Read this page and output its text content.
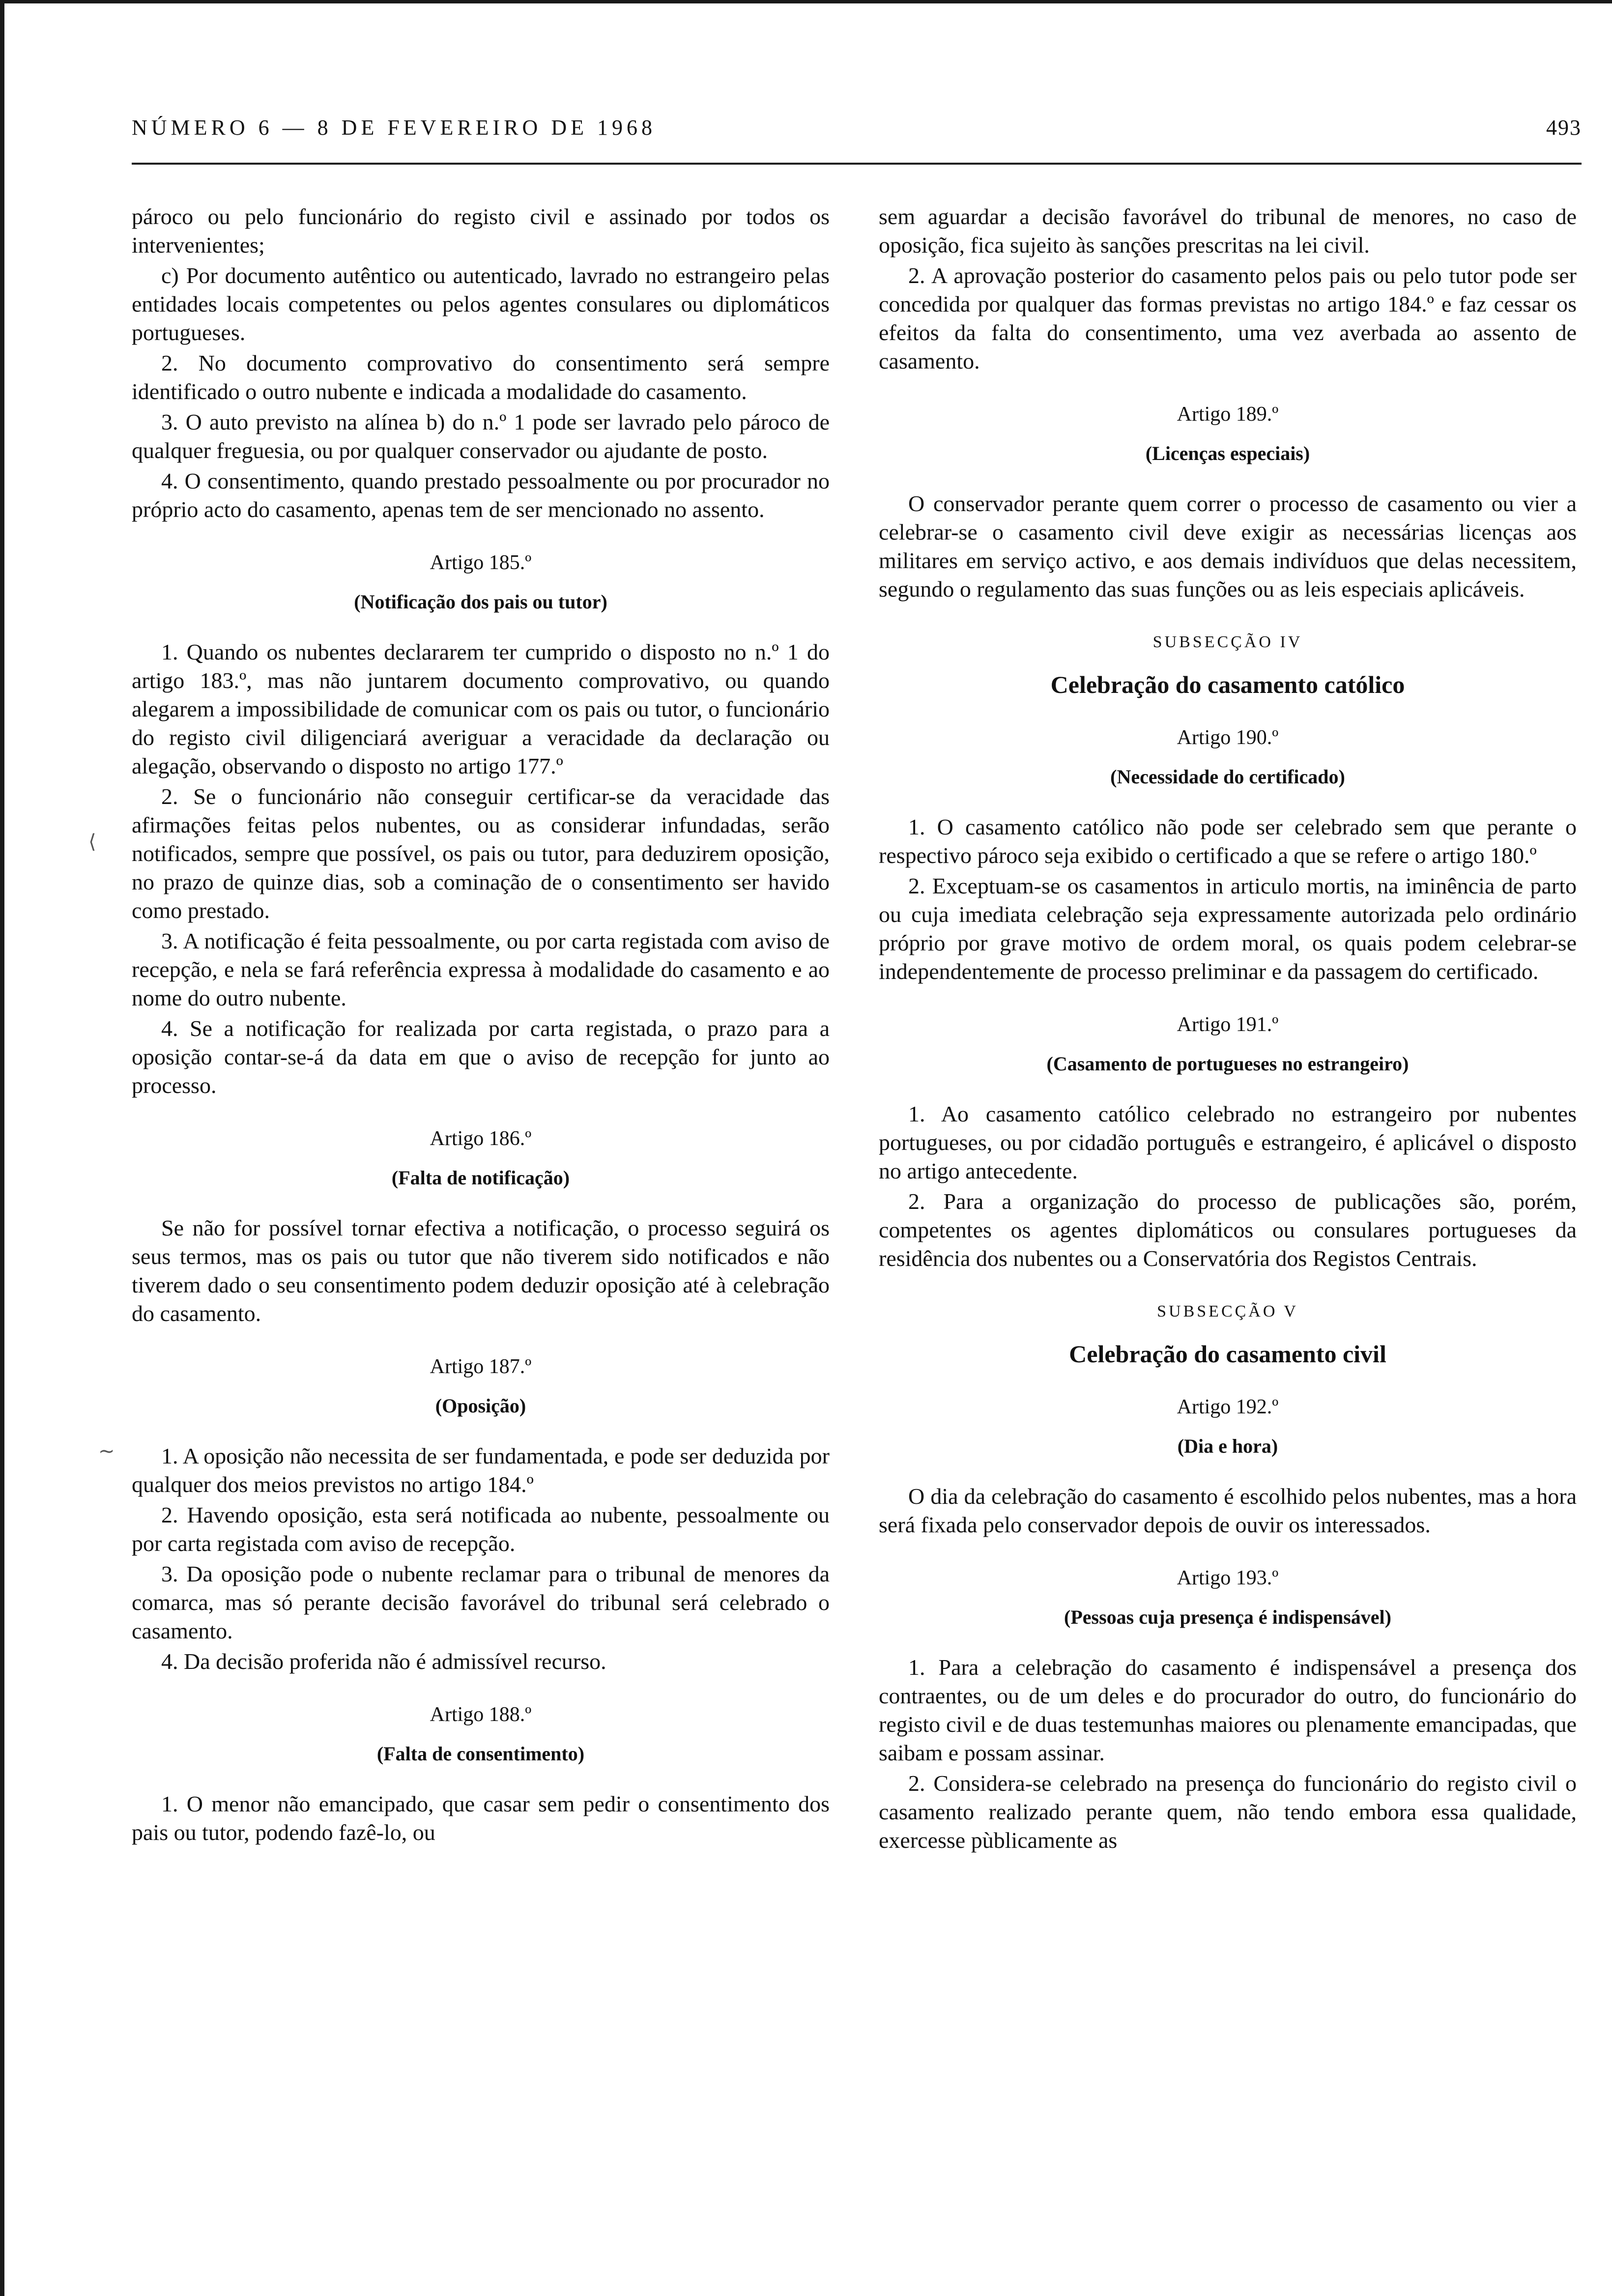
NÚMERO 6 — 8 DE FEVEREIRO DE 1968	493
⟨
~

pároco ou pelo funcionário do registo civil e assinado por todos os intervenientes;

c) Por documento autêntico ou autenticado, lavrado no estrangeiro pelas entidades locais competentes ou pelos agentes consulares ou diplomáticos portugueses.

2. No documento comprovativo do consentimento será sempre identificado o outro nubente e indicada a modalidade do casamento.

3. O auto previsto na alínea b) do n.º 1 pode ser lavrado pelo pároco de qualquer freguesia, ou por qualquer conservador ou ajudante de posto.

4. O consentimento, quando prestado pessoalmente ou por procurador no próprio acto do casamento, apenas tem de ser mencionado no assento.

Artigo 185.º
(Notificação dos pais ou tutor)

1. Quando os nubentes declararem ter cumprido o disposto no n.º 1 do artigo 183.º, mas não juntarem documento comprovativo, ou quando alegarem a impossibilidade de comunicar com os pais ou tutor, o funcionário do registo civil diligenciará averiguar a veracidade da declaração ou alegação, observando o disposto no artigo 177.º

2. Se o funcionário não conseguir certificar-se da veracidade das afirmações feitas pelos nubentes, ou as considerar infundadas, serão notificados, sempre que possível, os pais ou tutor, para deduzirem oposição, no prazo de quinze dias, sob a cominação de o consentimento ser havido como prestado.

3. A notificação é feita pessoalmente, ou por carta registada com aviso de recepção, e nela se fará referência expressa à modalidade do casamento e ao nome do outro nubente.

4. Se a notificação for realizada por carta registada, o prazo para a oposição contar-se-á da data em que o aviso de recepção for junto ao processo.

Artigo 186.º
(Falta de notificação)

Se não for possível tornar efectiva a notificação, o processo seguirá os seus termos, mas os pais ou tutor que não tiverem sido notificados e não tiverem dado o seu consentimento podem deduzir oposição até à celebração do casamento.

Artigo 187.º
(Oposição)

1. A oposição não necessita de ser fundamentada, e pode ser deduzida por qualquer dos meios previstos no artigo 184.º

2. Havendo oposição, esta será notificada ao nubente, pessoalmente ou por carta registada com aviso de recepção.

3. Da oposição pode o nubente reclamar para o tribunal de menores da comarca, mas só perante decisão favorável do tribunal será celebrado o casamento.

4. Da decisão proferida não é admissível recurso.

Artigo 188.º
(Falta de consentimento)

1. O menor não emancipado, que casar sem pedir o consentimento dos pais ou tutor, podendo fazê-lo, ou

sem aguardar a decisão favorável do tribunal de menores, no caso de oposição, fica sujeito às sanções prescritas na lei civil.

2. A aprovação posterior do casamento pelos pais ou pelo tutor pode ser concedida por qualquer das formas previstas no artigo 184.º e faz cessar os efeitos da falta do consentimento, uma vez averbada ao assento de casamento.

Artigo 189.º
(Licenças especiais)

O conservador perante quem correr o processo de casamento ou vier a celebrar-se o casamento civil deve exigir as necessárias licenças aos militares em serviço activo, e aos demais indivíduos que delas necessitem, segundo o regulamento das suas funções ou as leis especiais aplicáveis.

SUBSECÇÃO IV
Celebração do casamento católico
Artigo 190.º
(Necessidade do certificado)

1. O casamento católico não pode ser celebrado sem que perante o respectivo pároco seja exibido o certificado a que se refere o artigo 180.º

2. Exceptuam-se os casamentos in articulo mortis, na iminência de parto ou cuja imediata celebração seja expressamente autorizada pelo ordinário próprio por grave motivo de ordem moral, os quais podem celebrar-se independentemente de processo preliminar e da passagem do certificado.

Artigo 191.º
(Casamento de portugueses no estrangeiro)

1. Ao casamento católico celebrado no estrangeiro por nubentes portugueses, ou por cidadão português e estrangeiro, é aplicável o disposto no artigo antecedente.

2. Para a organização do processo de publicações são, porém, competentes os agentes diplomáticos ou consulares portugueses da residência dos nubentes ou a Conservatória dos Registos Centrais.

SUBSECÇÃO V
Celebração do casamento civil
Artigo 192.º
(Dia e hora)

O dia da celebração do casamento é escolhido pelos nubentes, mas a hora será fixada pelo conservador depois de ouvir os interessados.

Artigo 193.º
(Pessoas cuja presença é indispensável)

1. Para a celebração do casamento é indispensável a presença dos contraentes, ou de um deles e do procurador do outro, do funcionário do registo civil e de duas testemunhas maiores ou plenamente emancipadas, que saibam e possam assinar.

2. Considera-se celebrado na presença do funcionário do registo civil o casamento realizado perante quem, não tendo embora essa qualidade, exercesse pùblicamente as
